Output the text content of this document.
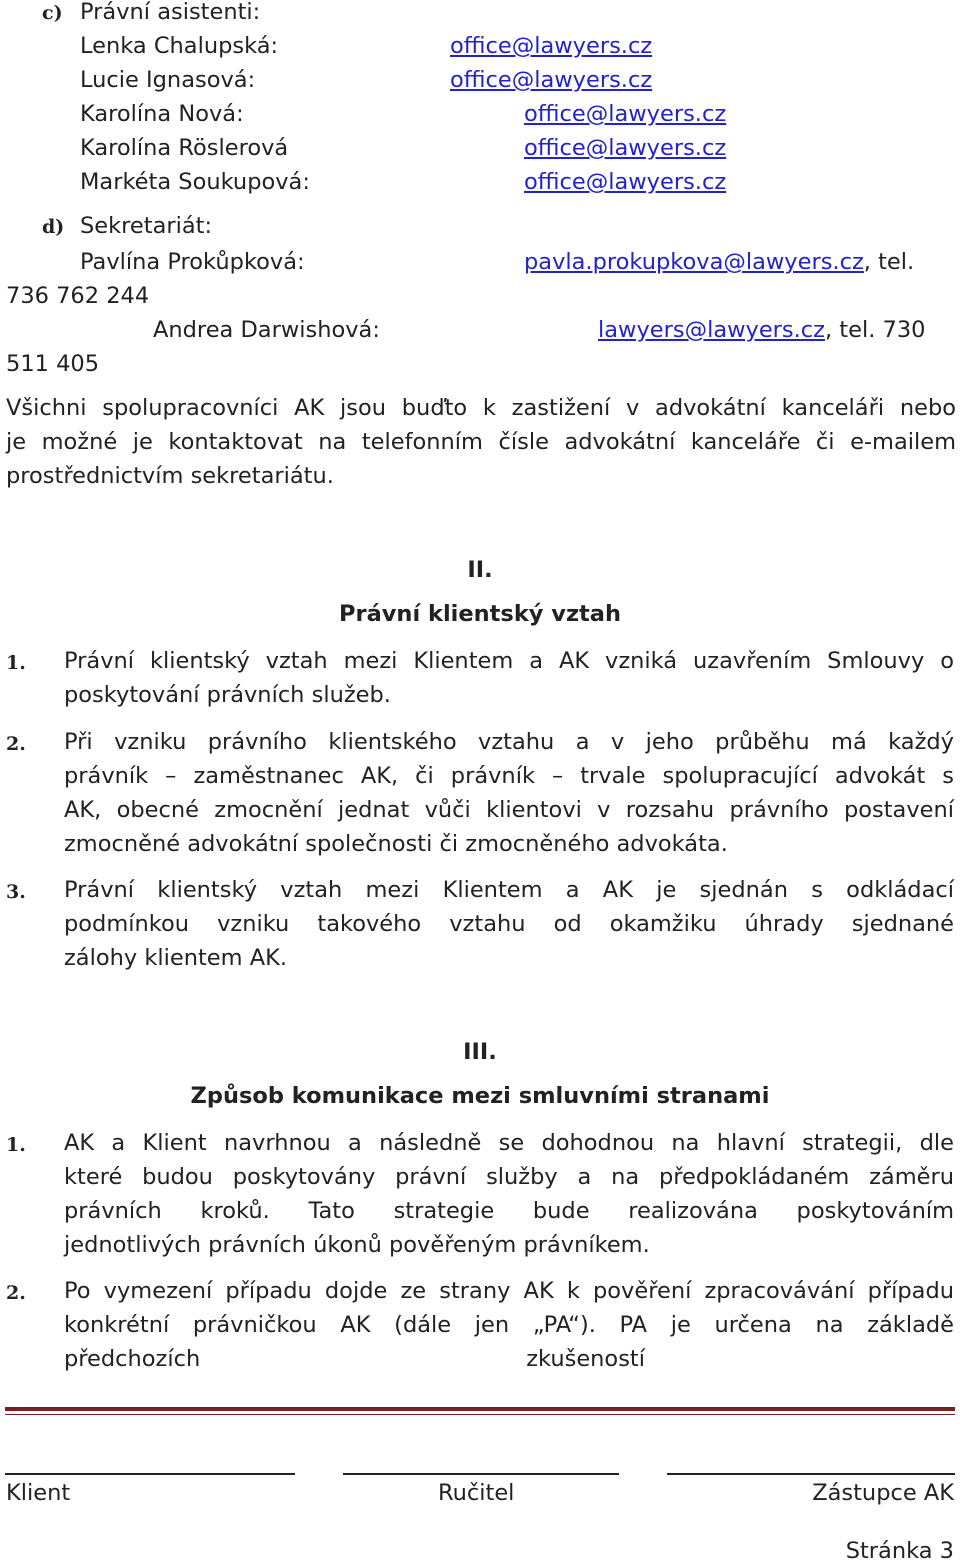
c) Právní asistenti:
Lenka Chalupská:	office@lawyers.cz
Lucie Ignasová:	office@lawyers.cz
Karolína Nová:	office@lawyers.cz
Karolína Röslerová	office@lawyers.cz
Markéta Soukupová:	office@lawyers.cz
d) Sekretariát:
Pavlína Prokůpková:	pavla.prokupkova@lawyers.cz, tel.
736 762 244
Andrea Darwishová:	lawyers@lawyers.cz, tel. 730
511 405
Všichni spolupracovníci AK jsou buďto k zastižení v advokátní kanceláři nebo
je možné je kontaktovat na telefonním čísle advokátní kanceláře či e-mailem
prostřednictvím sekretariátu.
II.
Právní klientský vztah
1. Právní klientský vztah mezi Klientem a AK vzniká uzavřením Smlouvy o
poskytování právních služeb.
2. Při vzniku právního klientského vztahu a v jeho průběhu má každý
právník – zaměstnanec AK, či právník – trvale spolupracující advokát s
AK, obecné zmocnění jednat vůči klientovi v rozsahu právního postavení
zmocněné advokátní společnosti či zmocněného advokáta.
3. Právní klientský vztah mezi Klientem a AK je sjednán s odkládací
podmínkou vzniku takového vztahu od okamžiku úhrady sjednané
zálohy klientem AK.
III.
Způsob komunikace mezi smluvními stranami
1. AK a Klient navrhnou a následně se dohodnou na hlavní strategii, dle
které budou poskytovány právní služby a na předpokládaném záměru
právních kroků. Tato strategie bude realizována poskytováním
jednotlivých právních úkonů pověřeným právníkem.
2. Po vymezení případu dojde ze strany AK k pověření zpracovávání případu
konkrétní právničkou AK (dále jen „PA“). PA je určena na základě
předchozích zkušeností
Klient	Ručitel	Zástupce AK
Stránka 3
